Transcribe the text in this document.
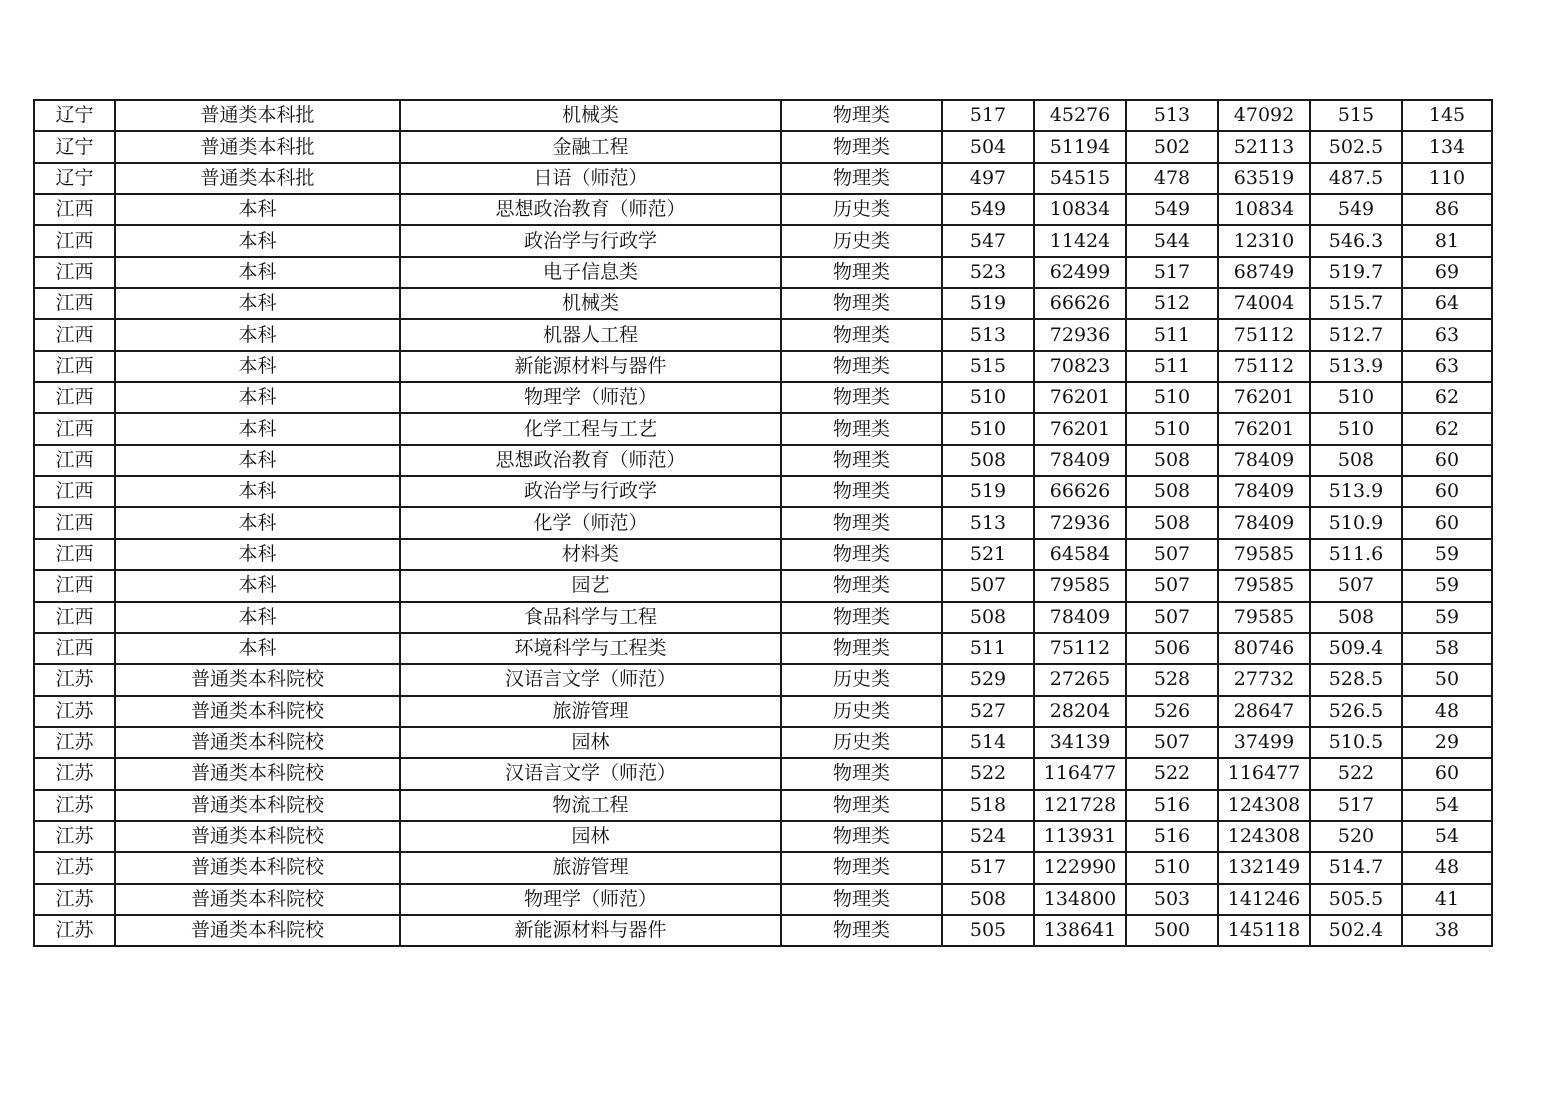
辽宁	普通类本科批	机械类	物理类	517	45276	513	47092	515	145
辽宁	普通类本科批	金融工程	物理类	504	51194	502	52113	502.5	134
辽宁	普通类本科批	日语（师范）	物理类	497	54515	478	63519	487.5	110
江西	本科	思想政治教育（师范）	历史类	549	10834	549	10834	549	86
江西	本科	政治学与行政学	历史类	547	11424	544	12310	546.3	81
江西	本科	电子信息类	物理类	523	62499	517	68749	519.7	69
江西	本科	机械类	物理类	519	66626	512	74004	515.7	64
江西	本科	机器人工程	物理类	513	72936	511	75112	512.7	63
江西	本科	新能源材料与器件	物理类	515	70823	511	75112	513.9	63
江西	本科	物理学（师范）	物理类	510	76201	510	76201	510	62
江西	本科	化学工程与工艺	物理类	510	76201	510	76201	510	62
江西	本科	思想政治教育（师范）	物理类	508	78409	508	78409	508	60
江西	本科	政治学与行政学	物理类	519	66626	508	78409	513.9	60
江西	本科	化学（师范）	物理类	513	72936	508	78409	510.9	60
江西	本科	材料类	物理类	521	64584	507	79585	511.6	59
江西	本科	园艺	物理类	507	79585	507	79585	507	59
江西	本科	食品科学与工程	物理类	508	78409	507	79585	508	59
江西	本科	环境科学与工程类	物理类	511	75112	506	80746	509.4	58
江苏	普通类本科院校	汉语言文学（师范）	历史类	529	27265	528	27732	528.5	50
江苏	普通类本科院校	旅游管理	历史类	527	28204	526	28647	526.5	48
江苏	普通类本科院校	园林	历史类	514	34139	507	37499	510.5	29
江苏	普通类本科院校	汉语言文学（师范）	物理类	522	116477	522	116477	522	60
江苏	普通类本科院校	物流工程	物理类	518	121728	516	124308	517	54
江苏	普通类本科院校	园林	物理类	524	113931	516	124308	520	54
江苏	普通类本科院校	旅游管理	物理类	517	122990	510	132149	514.7	48
江苏	普通类本科院校	物理学（师范）	物理类	508	134800	503	141246	505.5	41
江苏	普通类本科院校	新能源材料与器件	物理类	505	138641	500	145118	502.4	38
